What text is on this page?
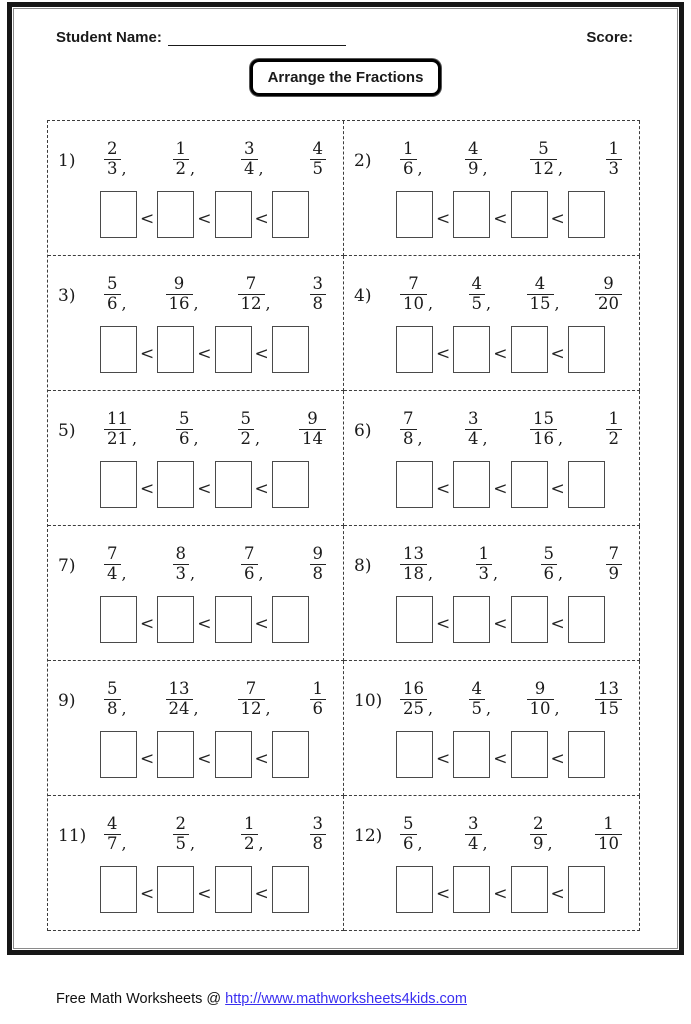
Student Name:	Score:
Arrange the Fractions
1)	$\frac{2}{3}$ ,	$\frac{1}{2}$ ,	$\frac{3}{4}$ ,	$\frac{4}{5}$
<	<	<
2)	$\frac{1}{6}$ ,	$\frac{4}{9}$ ,	$\frac{5}{12}$ ,	$\frac{1}{3}$
<	<	<
3)	$\frac{5}{6}$ , $\frac{9}{16}$ , $\frac{7}{12}$ , $\frac{3}{8}$
<	<	<
4)	$\frac{7}{10}$ , $\frac{4}{5}$ , $\frac{4}{15}$ , $\frac{9}{20}$
<	<	<
5)	$\frac{11}{21}$ , $\frac{5}{6}$ , $\frac{5}{2}$ , $\frac{9}{14}$
<	<	<
6)	$\frac{7}{8}$ ,	$\frac{3}{4}$ ,	$\frac{15}{16}$ ,	$\frac{1}{2}$
<	<	<
7)	$\frac{7}{4}$ ,	$\frac{8}{3}$ ,	$\frac{7}{6}$ ,	$\frac{9}{8}$
<	<	<
8)	$\frac{13}{18}$ ,	$\frac{1}{3}$ ,	$\frac{5}{6}$ ,	$\frac{7}{9}$
<	<	<
9)	$\frac{5}{8}$ , $\frac{13}{24}$ , $\frac{7}{12}$ , $\frac{1}{6}$
<	<	<
10)	$\frac{16}{25}$ , $\frac{4}{5}$ , $\frac{9}{10}$ , $\frac{13}{15}$
<	<	<
11)	$\frac{4}{7}$ ,	$\frac{2}{5}$ ,	$\frac{1}{2}$ ,	$\frac{3}{8}$
<	<	<
12)	$\frac{5}{6}$ ,	$\frac{3}{4}$ ,	$\frac{2}{9}$ ,	$\frac{1}{10}$
<	<	<
Free Math Worksheets @ http://www.mathworksheets4kids.com
